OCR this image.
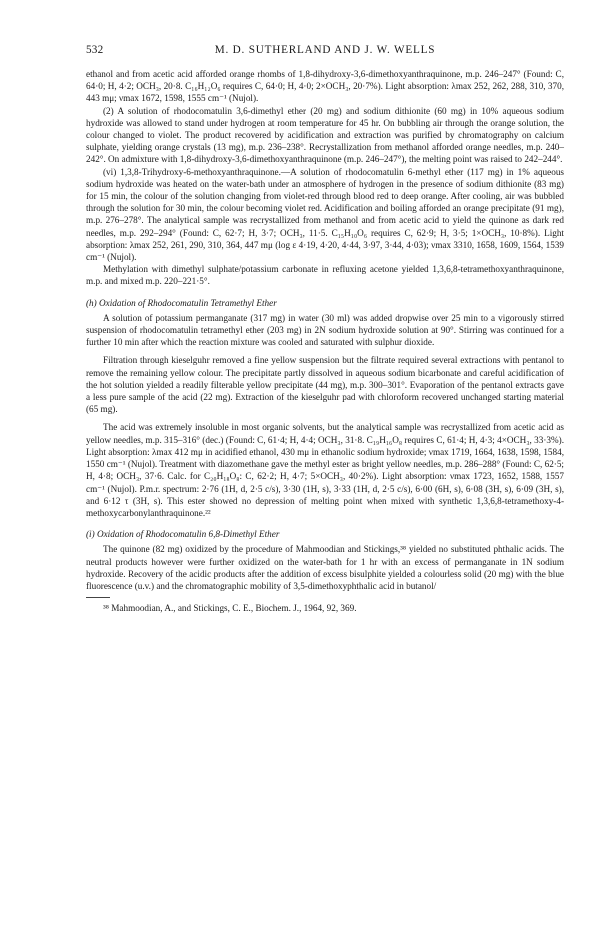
532	M. D. SUTHERLAND AND J. W. WELLS

ethanol and from acetic acid afforded orange rhombs of 1,8-dihydroxy-3,6-dimethoxyanthraquinone, m.p. 246–247° (Found: C, 64·0; H, 4·2; OCH₃, 20·8. C₁₆H₁₂O₆ requires C, 64·0; H, 4·0; 2×OCH₃, 20·7%). Light absorption: λmax 252, 262, 288, 310, 370, 443 mμ; νmax 1672, 1598, 1555 cm⁻¹ (Nujol).

(2) A solution of rhodocomatulin 3,6-dimethyl ether (20 mg) and sodium dithionite (60 mg) in 10% aqueous sodium hydroxide was allowed to stand under hydrogen at room temperature for 45 hr. On bubbling air through the orange solution, the colour changed to violet. The product recovered by acidification and extraction was purified by chromatography on calcium sulphate, yielding orange crystals (13 mg), m.p. 236–238°. Recrystallization from methanol afforded orange needles, m.p. 240–242°. On admixture with 1,8-dihydroxy-3,6-dimethoxyanthraquinone (m.p. 246–247°), the melting point was raised to 242–244°.

(vi) 1,3,8-Trihydroxy-6-methoxyanthraquinone.—A solution of rhodocomatulin 6-methyl ether (117 mg) in 1% aqueous sodium hydroxide was heated on the water-bath under an atmosphere of hydrogen in the presence of sodium dithionite (83 mg) for 15 min, the colour of the solution changing from violet-red through blood red to deep orange. After cooling, air was bubbled through the solution for 30 min, the colour becoming violet red. Acidification and boiling afforded an orange precipitate (91 mg), m.p. 276–278°. The analytical sample was recrystallized from methanol and from acetic acid to yield the quinone as dark red needles, m.p. 292–294° (Found: C, 62·7; H, 3·7; OCH₃, 11·5. C₁₅H₁₀O₆ requires C, 62·9; H, 3·5; 1×OCH₃, 10·8%). Light absorption: λmax 252, 261, 290, 310, 364, 447 mμ (log ε 4·19, 4·20, 4·44, 3·97, 3·44, 4·03); νmax 3310, 1658, 1609, 1564, 1539 cm⁻¹ (Nujol).

Methylation with dimethyl sulphate/potassium carbonate in refluxing acetone yielded 1,3,6,8-tetramethoxyanthraquinone, m.p. and mixed m.p. 220–221·5°.

(h) Oxidation of Rhodocomatulin Tetramethyl Ether

A solution of potassium permanganate (317 mg) in water (30 ml) was added dropwise over 25 min to a vigorously stirred suspension of rhodocomatulin tetramethyl ether (203 mg) in 2N sodium hydroxide solution at 90°. Stirring was continued for a further 10 min after which the reaction mixture was cooled and saturated with sulphur dioxide.

Filtration through kieselguhr removed a fine yellow suspension but the filtrate required several extractions with pentanol to remove the remaining yellow colour. The precipitate partly dissolved in aqueous sodium bicarbonate and careful acidification of the hot solution yielded a readily filterable yellow precipitate (44 mg), m.p. 300–301°. Evaporation of the pentanol extracts gave a less pure sample of the acid (22 mg). Extraction of the kieselguhr pad with chloroform recovered unchanged starting material (65 mg).

The acid was extremely insoluble in most organic solvents, but the analytical sample was recrystallized from acetic acid as yellow needles, m.p. 315–316° (dec.) (Found: C, 61·4; H, 4·4; OCH₃, 31·8. C₁₉H₁₆O₈ requires C, 61·4; H, 4·3; 4×OCH₃, 33·3%). Light absorption: λmax 412 mμ in acidified ethanol, 430 mμ in ethanolic sodium hydroxide; νmax 1719, 1664, 1638, 1598, 1584, 1550 cm⁻¹ (Nujol). Treatment with diazomethane gave the methyl ester as bright yellow needles, m.p. 286–288° (Found: C, 62·5; H, 4·8; OCH₃, 37·6. Calc. for C₂₀H₁₈O₈: C, 62·2; H, 4·7; 5×OCH₃, 40·2%). Light absorption: νmax 1723, 1652, 1588, 1557 cm⁻¹ (Nujol). P.m.r. spectrum: 2·76 (1H, d, 2·5 c/s), 3·30 (1H, s), 3·33 (1H, d, 2·5 c/s), 6·00 (6H, s), 6·08 (3H, s), 6·09 (3H, s), and 6·12 τ (3H, s). This ester showed no depression of melting point when mixed with synthetic 1,3,6,8-tetramethoxy-4-methoxycarbonylanthraquinone.²²

(i) Oxidation of Rhodocomatulin 6,8-Dimethyl Ether

The quinone (82 mg) oxidized by the procedure of Mahmoodian and Stickings,³⁸ yielded no substituted phthalic acids. The neutral products however were further oxidized on the water-bath for 1 hr with an excess of permanganate in 1N sodium hydroxide. Recovery of the acidic products after the addition of excess bisulphite yielded a colourless solid (20 mg) with the blue fluorescence (u.v.) and the chromatographic mobility of 3,5-dimethoxyphthalic acid in butanol/

³⁸ Mahmoodian, A., and Stickings, C. E., Biochem. J., 1964, 92, 369.
